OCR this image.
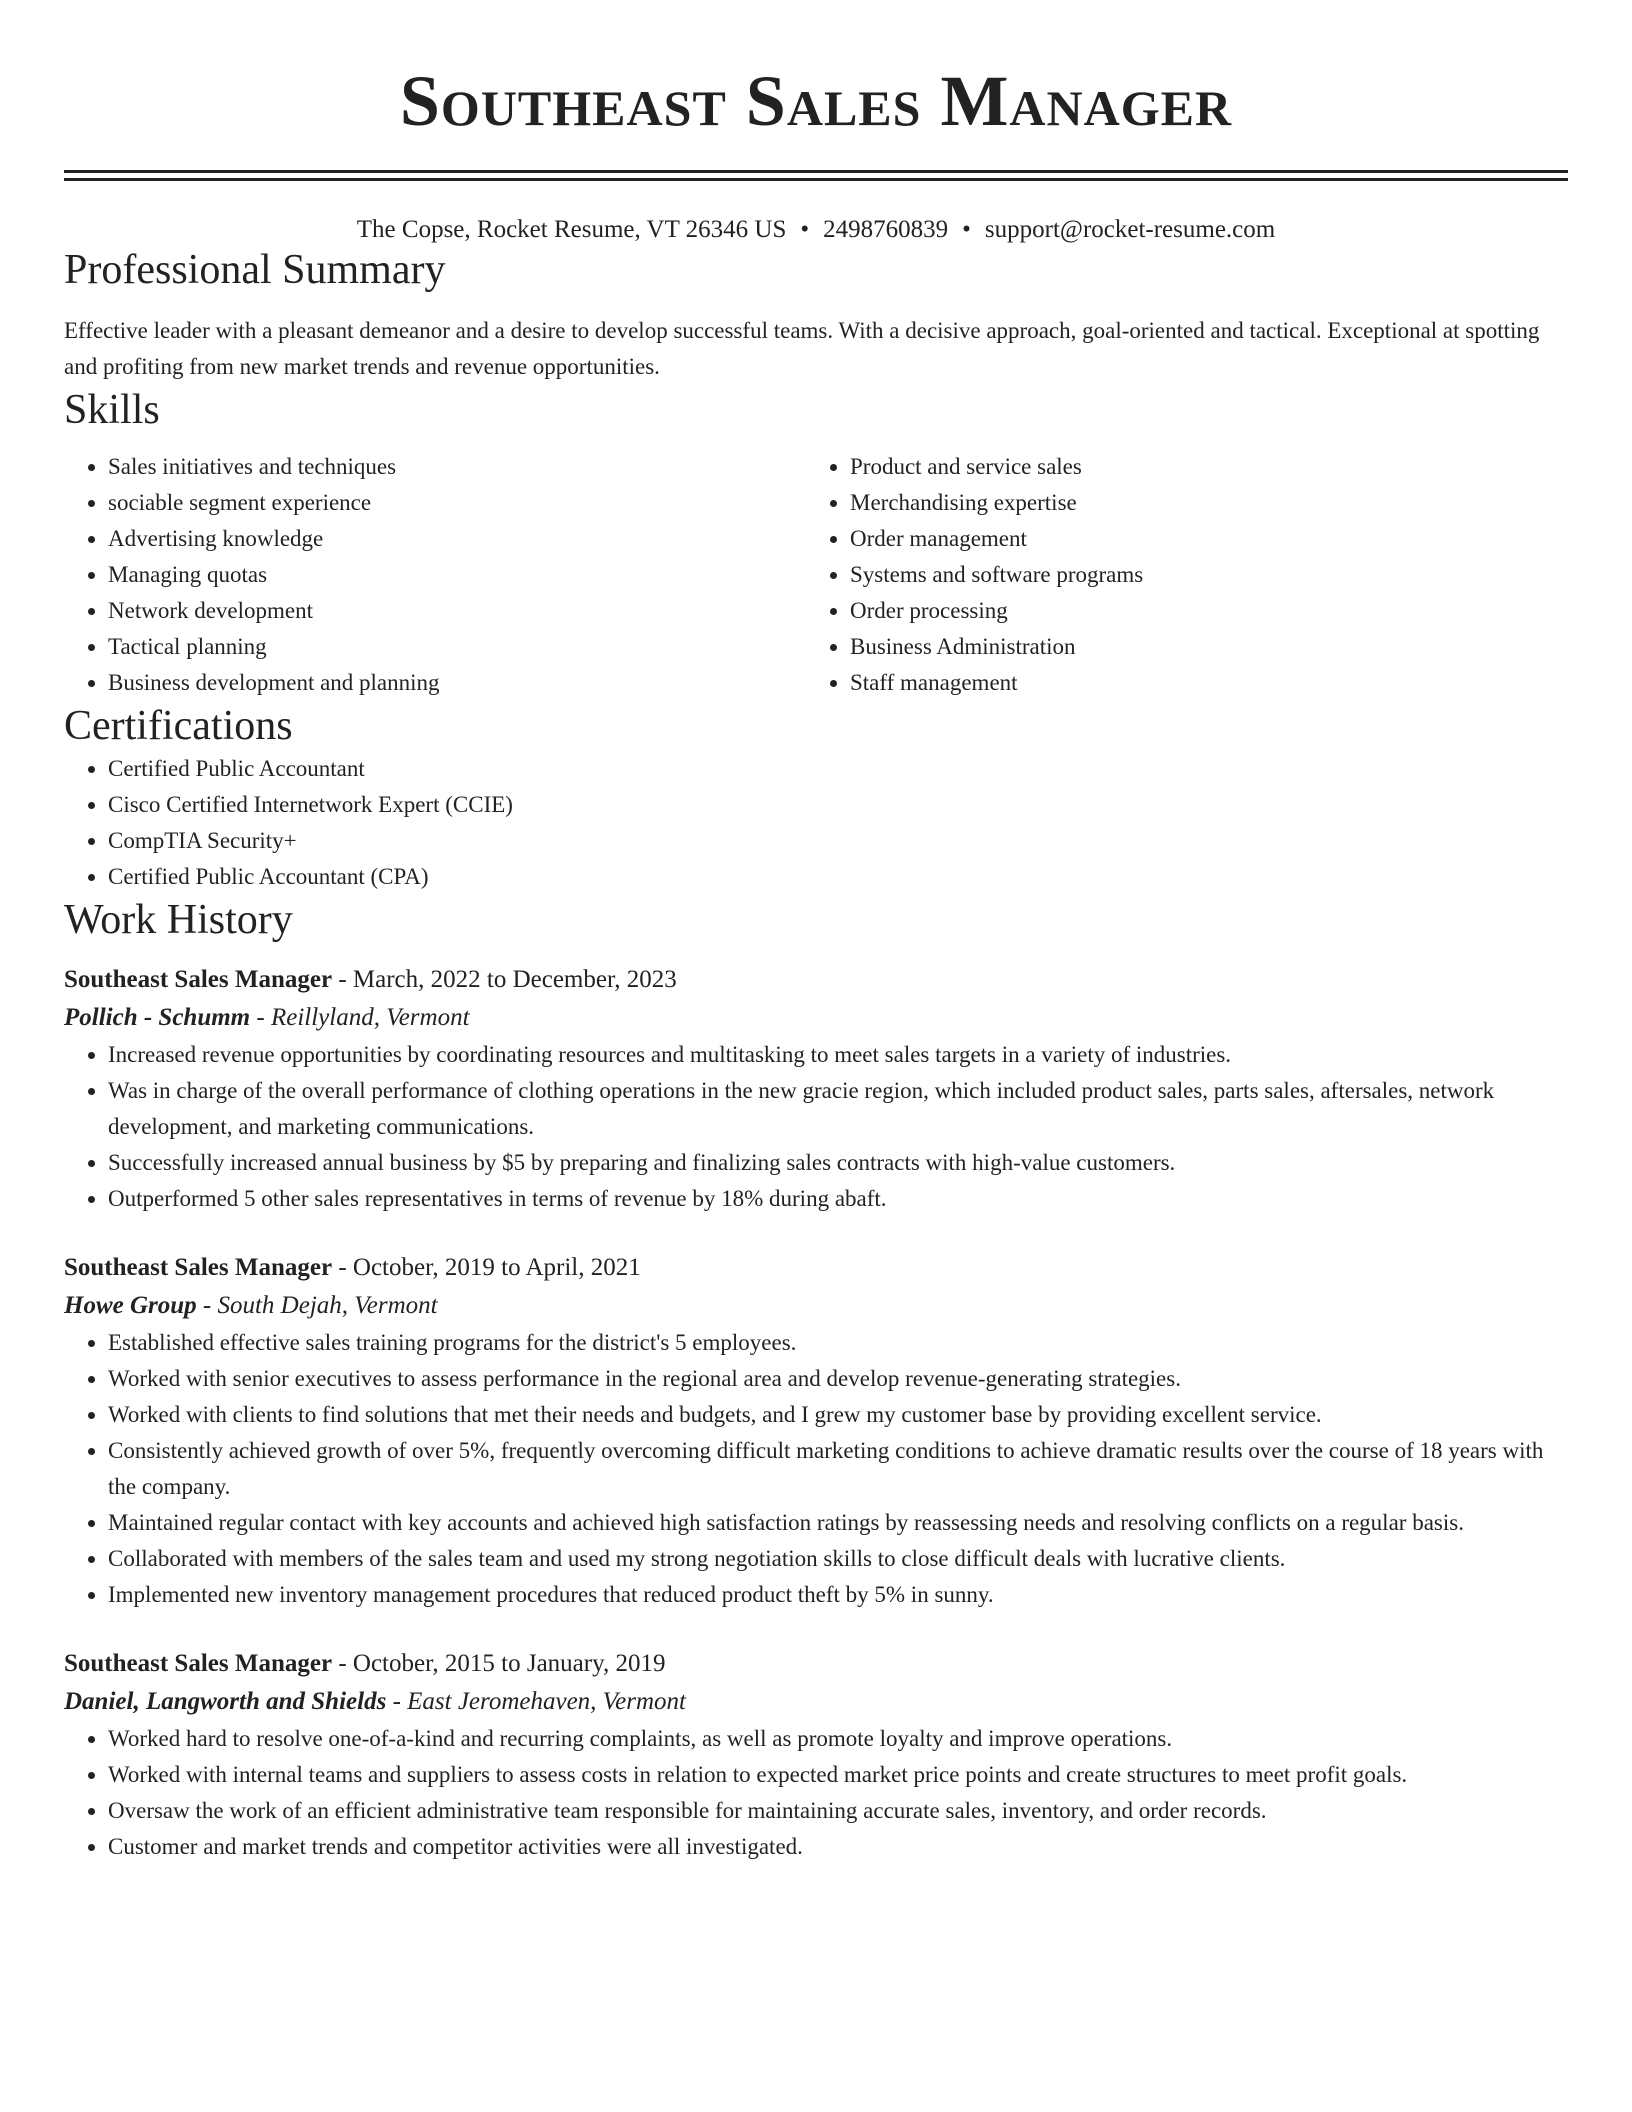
Southeast Sales Manager
The Copse, Rocket Resume, VT 26346 US • 2498760839 • support@rocket-resume.com
Professional Summary

Effective leader with a pleasant demeanor and a desire to develop successful teams. With a decisive approach, goal-oriented and tactical. Exceptional at spotting and profiting from new market trends and revenue opportunities.

Skills
• Sales initiatives and techniques
• sociable segment experience
• Advertising knowledge
• Managing quotas
• Network development
• Tactical planning
• Business development and planning
• Product and service sales
• Merchandising expertise
• Order management
• Systems and software programs
• Order processing
• Business Administration
• Staff management
Certifications
• Certified Public Accountant
• Cisco Certified Internetwork Expert (CCIE)
• CompTIA Security+
• Certified Public Accountant (CPA)
Work History
Southeast Sales Manager - March, 2022 to December, 2023
Pollich - Schumm - Reillyland, Vermont
• Increased revenue opportunities by coordinating resources and multitasking to meet sales targets in a variety of industries.
• Was in charge of the overall performance of clothing operations in the new gracie region, which included product sales, parts sales, aftersales, network development, and marketing communications.
• Successfully increased annual business by $5 by preparing and finalizing sales contracts with high-value customers.
• Outperformed 5 other sales representatives in terms of revenue by 18% during abaft.
Southeast Sales Manager - October, 2019 to April, 2021
Howe Group - South Dejah, Vermont
• Established effective sales training programs for the district's 5 employees.
• Worked with senior executives to assess performance in the regional area and develop revenue-generating strategies.
• Worked with clients to find solutions that met their needs and budgets, and I grew my customer base by providing excellent service.
• Consistently achieved growth of over 5%, frequently overcoming difficult marketing conditions to achieve dramatic results over the course of 18 years with the company.
• Maintained regular contact with key accounts and achieved high satisfaction ratings by reassessing needs and resolving conflicts on a regular basis.
• Collaborated with members of the sales team and used my strong negotiation skills to close difficult deals with lucrative clients.
• Implemented new inventory management procedures that reduced product theft by 5% in sunny.
Southeast Sales Manager - October, 2015 to January, 2019
Daniel, Langworth and Shields - East Jeromehaven, Vermont
• Worked hard to resolve one-of-a-kind and recurring complaints, as well as promote loyalty and improve operations.
• Worked with internal teams and suppliers to assess costs in relation to expected market price points and create structures to meet profit goals.
• Oversaw the work of an efficient administrative team responsible for maintaining accurate sales, inventory, and order records.
• Customer and market trends and competitor activities were all investigated.
